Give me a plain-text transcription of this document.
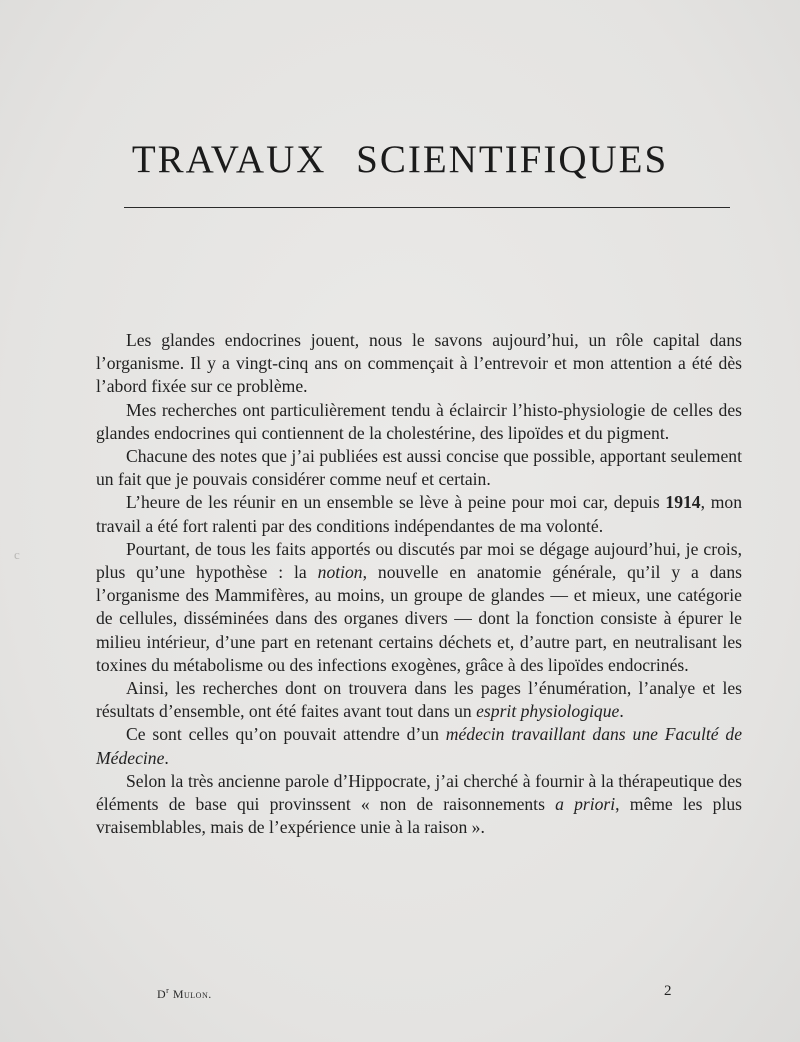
TRAVAUX SCIENTIFIQUES

Les glandes endocrines jouent, nous le savons aujourd’hui, un rôle capital dans l’organisme. Il y a vingt-cinq ans on commençait à l’entrevoir et mon attention a été dès l’abord fixée sur ce problème.

Mes recherches ont particulièrement tendu à éclaircir l’histo-physiologie de celles des glandes endocrines qui contiennent de la cholestérine, des lipoïdes et du pigment.

Chacune des notes que j’ai publiées est aussi concise que possible, apportant seulement un fait que je pouvais considérer comme neuf et certain.

L’heure de les réunir en un ensemble se lève à peine pour moi car, depuis 1914, mon travail a été fort ralenti par des conditions indépendantes de ma volonté.

Pourtant, de tous les faits apportés ou discutés par moi se dégage aujourd’hui, je crois, plus qu’une hypothèse : la notion, nouvelle en anatomie générale, qu’il y a dans l’organisme des Mammifères, au moins, un groupe de glandes — et mieux, une catégorie de cellules, disséminées dans des organes divers — dont la fonction consiste à épurer le milieu intérieur, d’une part en retenant certains déchets et, d’autre part, en neutralisant les toxines du métabolisme ou des infections exogènes, grâce à des lipoïdes endocrinés.

Ainsi, les recherches dont on trouvera dans les pages l’énumération, l’analye et les résultats d’ensemble, ont été faites avant tout dans un esprit physiologique.

Ce sont celles qu’on pouvait attendre d’un médecin travaillant dans une Faculté de Médecine.

Selon la très ancienne parole d’Hippocrate, j’ai cherché à fournir à la thérapeutique des éléments de base qui provinssent « non de raisonnements a priori, même les plus vraisemblables, mais de l’expérience unie à la raison ».

$D^r$ Mulon.	2
c
